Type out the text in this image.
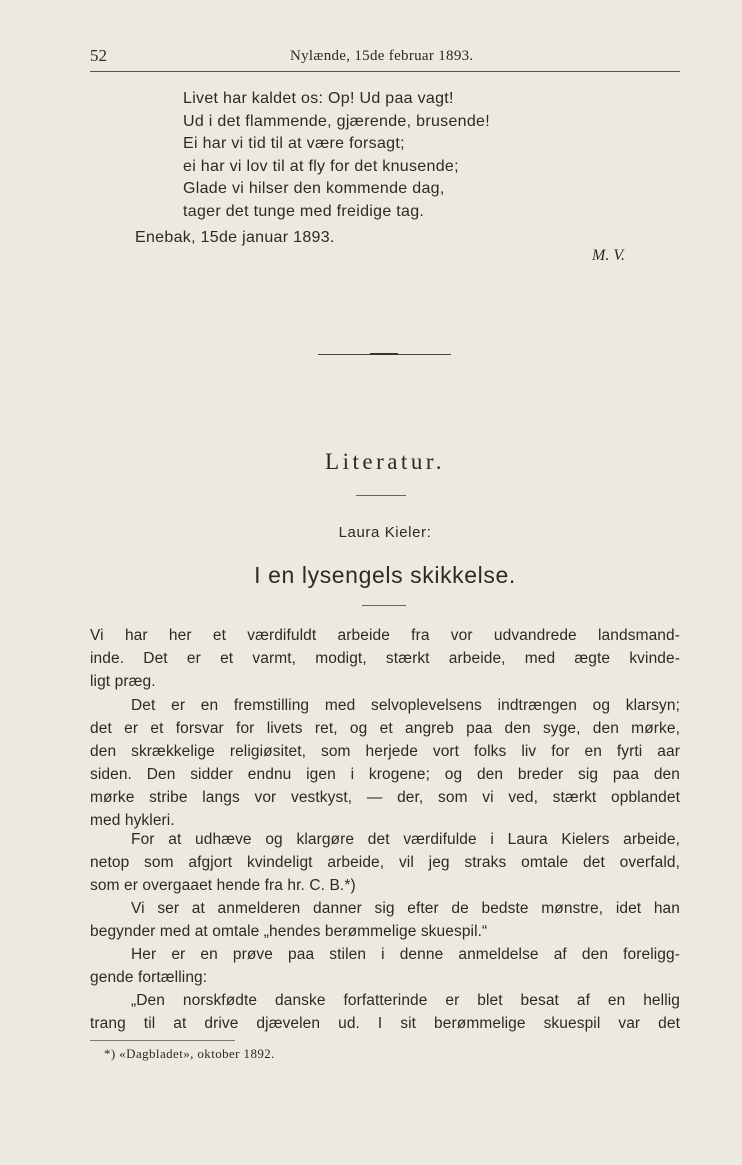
52	Nylænde, 15de februar 1893.
Livet har kaldet os: Op! Ud paa vagt!
Ud i det flammende, gjærende, brusende!
Ei har vi tid til at være forsagt;
ei har vi lov til at fly for det knusende;
Glade vi hilser den kommende dag,
tager det tunge med freidige tag.
Enebak, 15de januar 1893.
M. V.
Literatur.
Laura Kieler:
I en lysengels skikkelse.
Vi har her et værdifuldt arbeide fra vor udvandrede landsmand-
inde. Det er et varmt, modigt, stærkt arbeide, med ægte kvinde-
ligt præg.
Det er en fremstilling med selvoplevelsens indtrængen og klarsyn;
det er et forsvar for livets ret, og et angreb paa den syge, den mørke,
den skrækkelige religiøsitet, som herjede vort folks liv for en fyrti aar
siden. Den sidder endnu igen i krogene; og den breder sig paa den
mørke stribe langs vor vestkyst, — der, som vi ved, stærkt opblandet
med hykleri.
For at udhæve og klargøre det værdifulde i Laura Kielers arbeide,
netop som afgjort kvindeligt arbeide, vil jeg straks omtale det overfald,
som er overgaaet hende fra hr. C. B.*)
Vi ser at anmelderen danner sig efter de bedste mønstre, idet han
begynder med at omtale „hendes berømmelige skuespil.“
Her er en prøve paa stilen i denne anmeldelse af den foreligg-
gende fortælling:
„Den norskfødte danske forfatterinde er blet besat af en hellig
trang til at drive djævelen ud. I sit berømmelige skuespil var det
*) «Dagbladet», oktober 1892.
